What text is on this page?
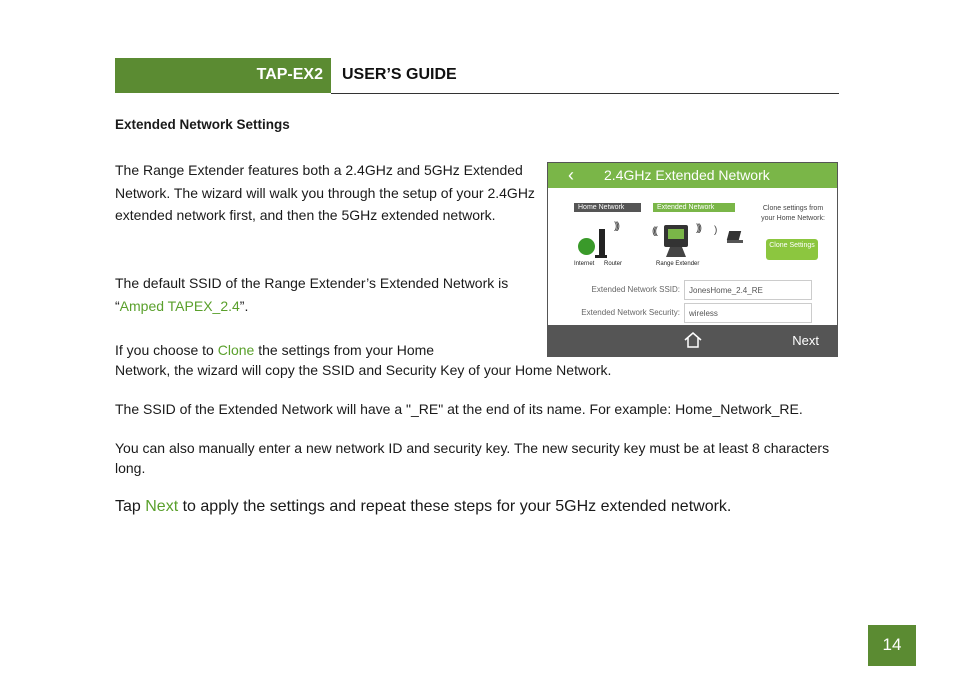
TAP-EX2 USER’S GUIDE
Extended Network Settings

The Range Extender features both a 2.4GHz and 5GHz Extended Network. The wizard will walk you through the setup of your 2.4GHz extended network first, and then the 5GHz extended network.

The default SSID of the Range Extender’s Extended Network is “Amped TAPEX_2.4”.

If you choose to Clone the settings from your Home

Network, the wizard will copy the SSID and Security Key of your Home Network.

The SSID of the Extended Network will have a "_RE" at the end of its name. For example: Home_Network_RE.

You can also manually enter a new network ID and security key. The new security key must be at least 8 characters long.

Tap Next to apply the settings and repeat these steps for your 5GHz extended network.

‹ 2.4GHz Extended Network
Home Network	Extended Network
)))	(((	))) )
Internet Router	Range Extender
Clone settings from your Home Network:
Clone Settings
Extended Network SSID:	JonesHome_2.4_RE
Extended Network Security:	wireless
Next
14
